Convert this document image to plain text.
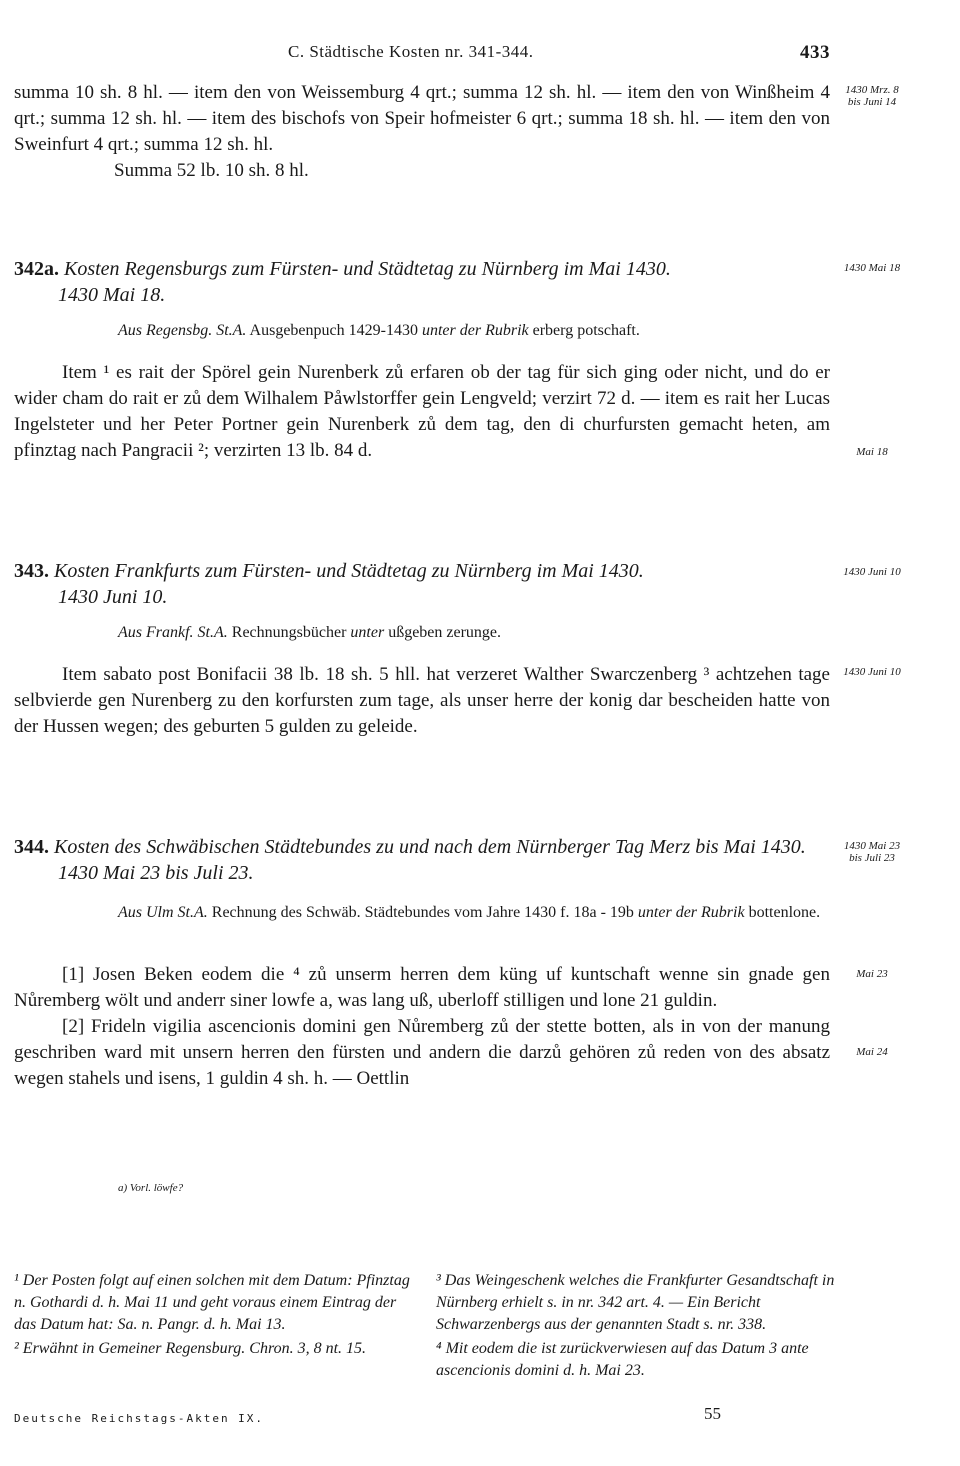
C. Städtische Kosten nr. 341-344.	433

summa 10 sh. 8 hl. — item den von Weissemburg 4 qrt.; summa 12 sh. hl. — item den von Winßheim 4 qrt.; summa 12 sh. hl. — item des bischofs von Speir hofmeister 6 qrt.; summa 18 sh. hl. — item den von Sweinfurt 4 qrt.; summa 12 sh. hl.

Summa 52 lb. 10 sh. 8 hl.

1430 Mrz. 8 bis Juni 14
342a. Kosten Regensburgs zum Fürsten- und Städtetag zu Nürnberg im Mai 1430.
1430 Mai 18.
1430 Mai 18
Aus Regensbg. St.A. Ausgebenpuch 1429-1430 unter der Rubrik erberg potschaft.

Item ¹ es rait der Spörel gein Nurenberk zů erfaren ob der tag für sich ging oder nicht, und do er wider cham do rait er zů dem Wilhalem Påwlstorffer gein Lengveld; verzirt 72 d. — item es rait her Lucas Ingelsteter und her Peter Portner gein Nurenberk zů dem tag, den di churfursten gemacht heten, am pfinztag nach Pangracii ²; verzirten 13 lb. 84 d.	Mai 18
343. Kosten Frankfurts zum Fürsten- und Städtetag zu Nürnberg im Mai 1430.
1430 Juni 10.
1430 Juni 10
Aus Frankf. St.A. Rechnungsbücher unter ußgeben zerunge.

Item sabato post Bonifacii 38 lb. 18 sh. 5 hll. hat verzeret Walther Swarczenberg ³ achtzehen tage selbvierde gen Nurenberg zu den korfursten zum tage, als unser herre der konig dar bescheiden hatte von der Hussen wegen; des geburten 5 gulden zu geleide.

1430 Juni 10
344. Kosten des Schwäbischen Städtebundes zu und nach dem Nürnberger Tag Merz bis Mai 1430.
1430 Mai 23 bis Juli 23.
1430 Mai 23 bis Juli 23
Aus Ulm St.A. Rechnung des Schwäb. Städtebundes vom Jahre 1430 f. 18a - 19b unter der Rubrik bottenlone.

[1] Josen Beken eodem die ⁴ zů unserm herren dem küng uf kuntschaft wenne sin gnade gen Nůremberg wölt und anderr siner lowfe a, was lang uß, uberloff stilligen und lone 21 guldin.

[2] Frideln vigilia ascencionis domini gen Nůremberg zů der stette botten, als in von der manung geschriben ward mit unsern herren den fürsten und andern die darzů gehören zů reden von des absatz wegen stahels und isens, 1 guldin 4 sh. h. — Oettlin

Mai 23
Mai 24
a) Vorl. löwfe?

¹ Der Posten folgt auf einen solchen mit dem Datum: Pfinztag n. Gothardi d. h. Mai 11 und geht voraus einem Eintrag der das Datum hat: Sa. n. Pangr. d. h. Mai 13.

² Erwähnt in Gemeiner Regensburg. Chron. 3, 8 nt. 15.

³ Das Weingeschenk welches die Frankfurter Gesandtschaft in Nürnberg erhielt s. in nr. 342 art. 4. — Ein Bericht Schwarzenbergs aus der genannten Stadt s. nr. 338.

⁴ Mit eodem die ist zurückverwiesen auf das Datum 3 ante ascencionis domini d. h. Mai 23.

Deutsche Reichstags-Akten IX.	55
